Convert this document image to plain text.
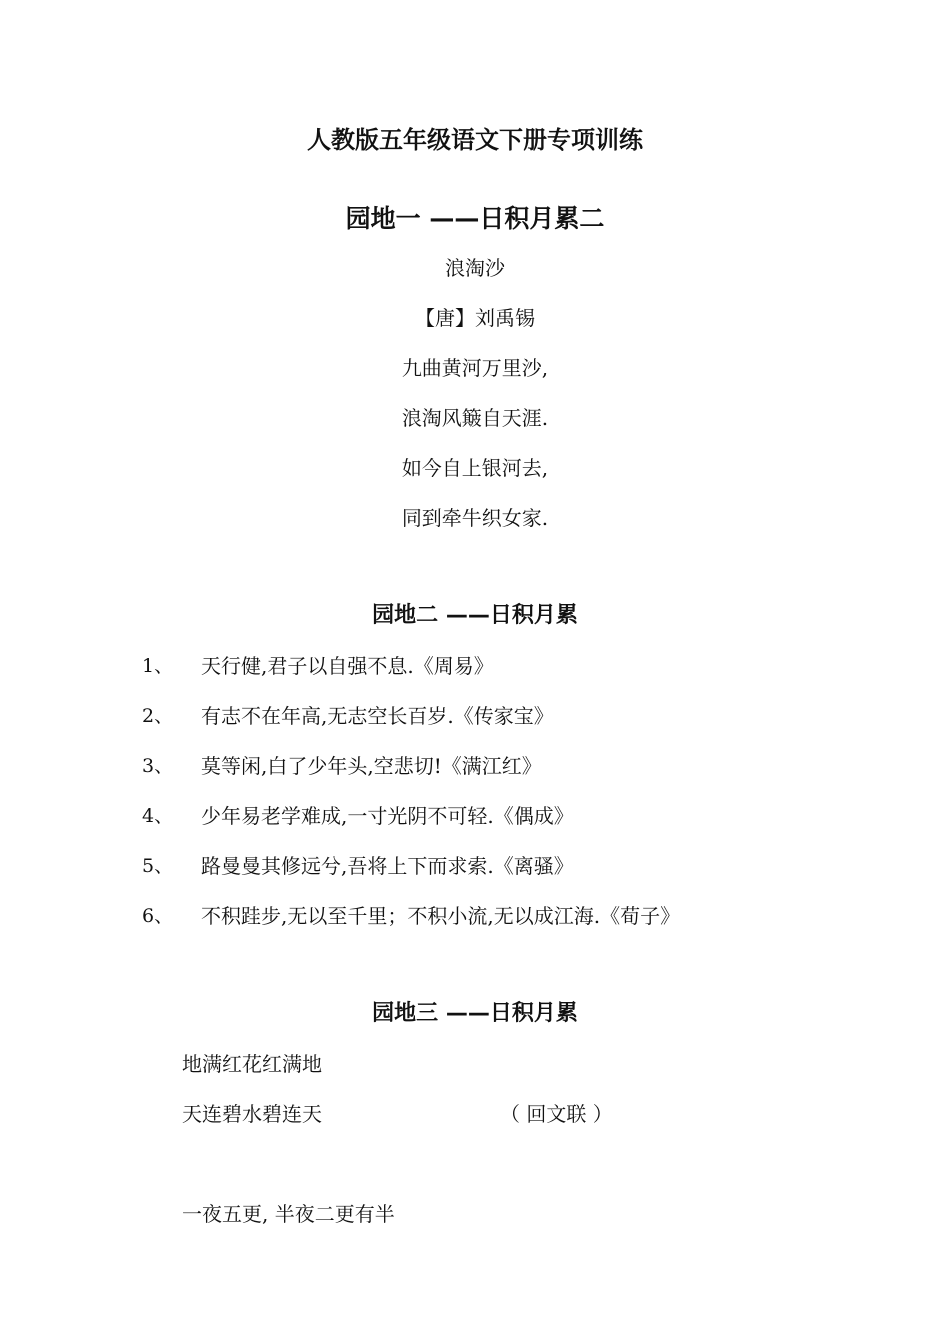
人教版五年级语文下册专项训练
园地一 ——日积月累二
浪淘沙
【唐】刘禹锡
九曲黄河万里沙,
浪淘风簸自天涯.
如今自上银河去,
同到牵牛织女家.
园地二 ——日积月累
1、 天行健,君子以自强不息.《周易》
2、 有志不在年高,无志空长百岁.《传家宝》
3、 莫等闲,白了少年头,空悲切!《满江红》
4、 少年易老学难成,一寸光阴不可轻.《偶成》
5、 路曼曼其修远兮,吾将上下而求索.《离骚》
6、 不积跬步,无以至千里；不积小流,无以成江海.《荀子》
园地三 ——日积月累
地满红花红满地
天连碧水碧连天	（ 回文联 ）
一夜五更, 半夜二更有半
